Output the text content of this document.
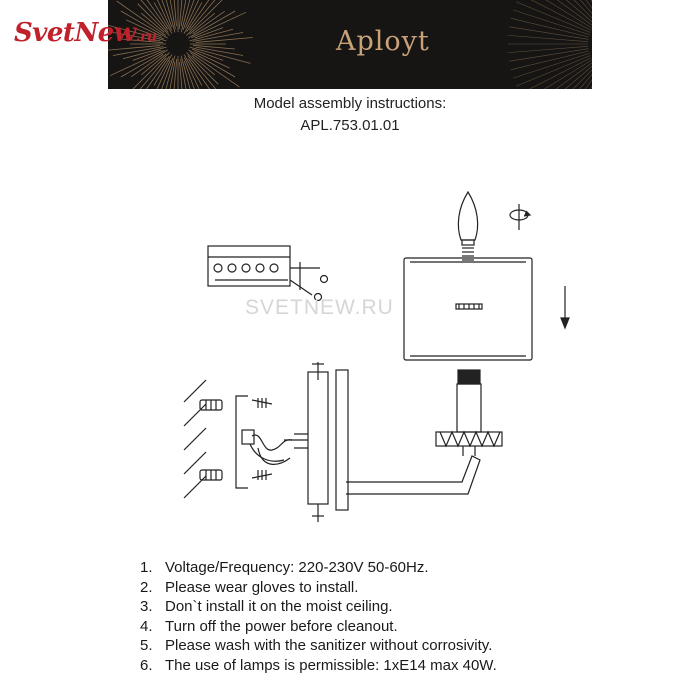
Aployt
SvetNew.ru
Model assembly instructions:
APL.753.01.01
SVETNEW.RU
1. Voltage/Frequency: 220-230V 50-60Hz.
2. Please wear gloves to install.
3. Don`t install it on the moist ceiling.
4. Turn off the power before cleanout.
5. Please wash with the sanitizer without corrosivity.
6. The use of lamps is permissible: 1xE14 max 40W.
